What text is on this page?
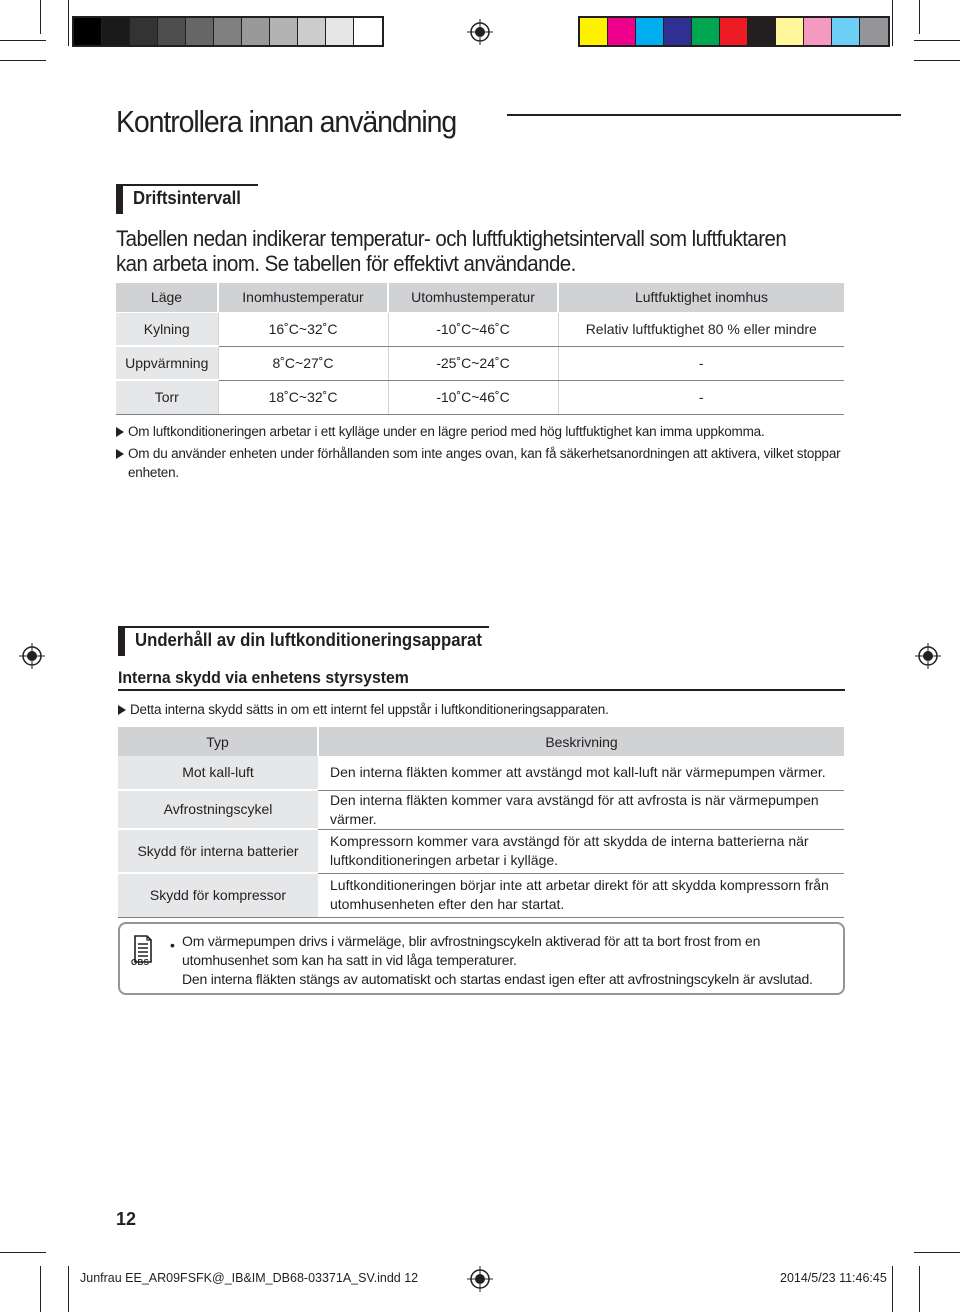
Kontrollera innan användning
Driftsintervall

Tabellen nedan indikerar temperatur- och luftfuktighetsintervall som luftfuktaren kan arbeta inom. Se tabellen för effektivt användande.

Läge	Inomhustemperatur	Utomhustemperatur	Luftfuktighet inomhus
Kylning	16˚C~32˚C	-10˚C~46˚C	Relativ luftfuktighet 80 % eller mindre
Uppvärmning	8˚C~27˚C	-25˚C~24˚C	-
Torr	18˚C~32˚C	-10˚C~46˚C	-
Om luftkonditioneringen arbetar i ett kylläge under en lägre period med hög luftfuktighet kan imma uppkomma.
Om du använder enheten under förhållanden som inte anges ovan, kan få säkerhetsanordningen att aktivera, vilket stoppar enheten.
Underhåll av din luftkonditioneringsapparat
Interna skydd via enhetens styrsystem
Detta interna skydd sätts in om ett internt fel uppstår i luftkonditioneringsapparaten.
Typ	Beskrivning
Mot kall-luft	Den interna fläkten kommer att avstängd mot kall-luft när värmepumpen värmer.
Avfrostningscykel	Den interna fläkten kommer vara avstängd för att avfrosta is när värmepumpen värmer.
Skydd för interna batterier	Kompressorn kommer vara avstängd för att skydda de interna batterierna när luftkonditioneringen arbetar i kylläge.
Skydd för kompressor	Luftkonditioneringen börjar inte att arbetar direkt för att skydda kompressorn från utomhusenheten efter den har startat.
OBS
• Om värmepumpen drivs i värmeläge, blir avfrostningscykeln aktiverad för att ta bort frost from en utomhusenhet som kan ha satt in vid låga temperaturer.
Den interna fläkten stängs av automatiskt och startas endast igen efter att avfrostningscykeln är avslutad.
12
Junfrau EE_AR09FSFK@_IB&IM_DB68-03371A_SV.indd 12	2014/5/23 11:46:45
